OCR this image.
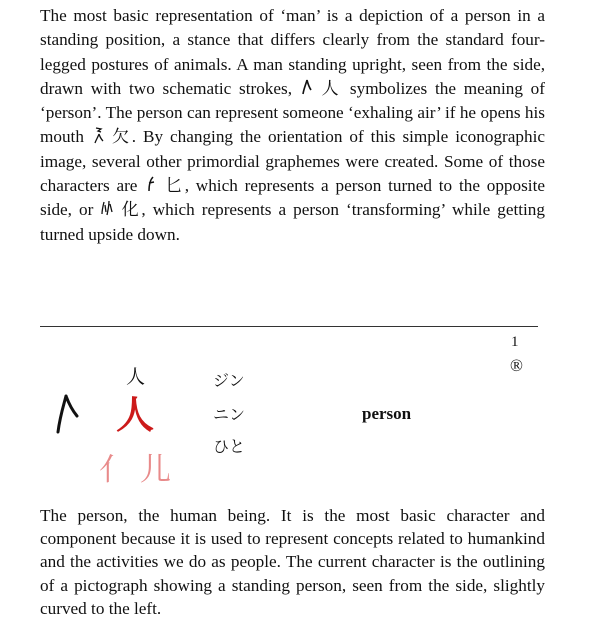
The most basic representation of ‘man’ is a depiction of a person in a standing position, a stance that differs clearly from the standard four-legged postures of animals. A man standing upright, seen from the side, drawn with two schematic strokes,  人 symbolizes the meaning of ‘person’. The person can represent someone ‘exhaling air’ if he opens his mouth  欠. By changing the orientation of this simple iconographic image, several other primordial graphemes were created. Some of those characters are  匕, which represents a person turned to the opposite side, or  化, which represents a person ‘transforming’ while getting turned upside down.
1
®
人
人
亻儿
ジン
ニン
ひと
person
The person, the human being. It is the most basic character and component because it is used to represent concepts related to humankind and the activities we do as people. The current character is the outlining of a pictograph showing a standing person, seen from the side, slightly curved to the left.
